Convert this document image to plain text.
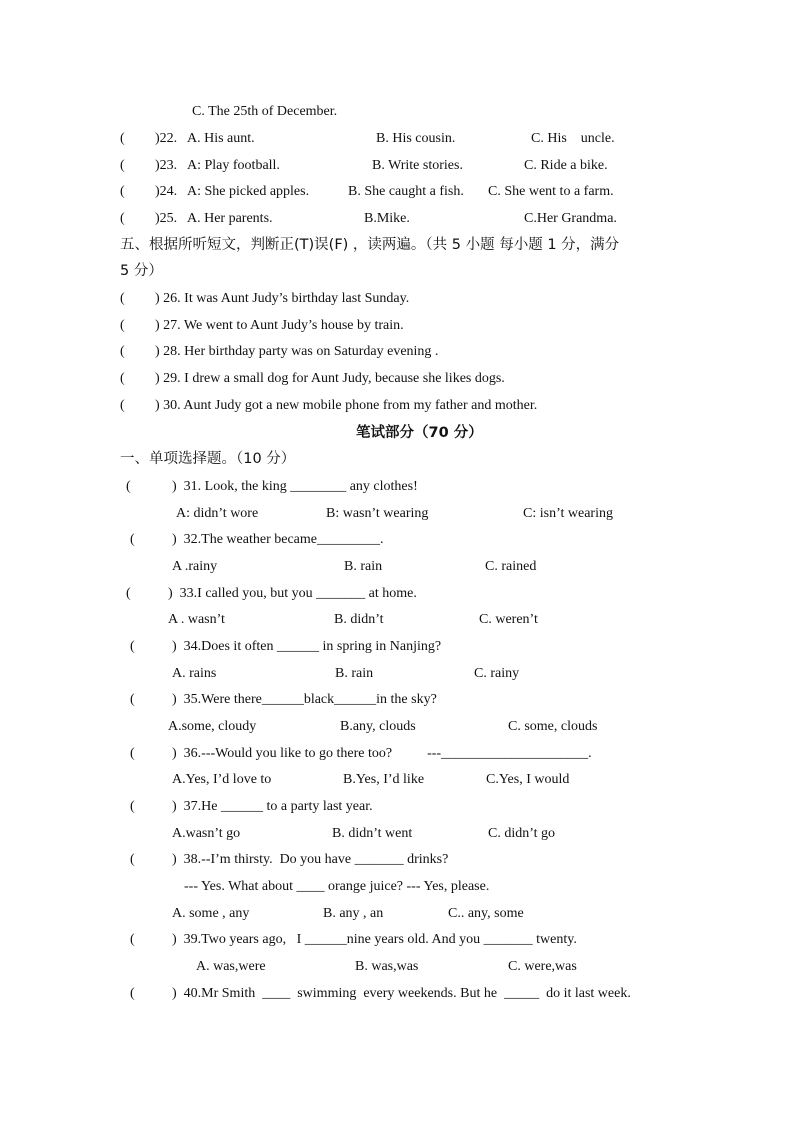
C. The 25th of December.
( )22. A. His aunt.	B. His cousin.	C. His    uncle.
( )23. A: Play football.	B. Write stories.	C. Ride a bike.
( )24. A: She picked apples.	B. She caught a fish. C. She went to a farm.
( )25. A. Her parents.	B.Mike.	C.Her Grandma.
五、根据所听短文，判断正(T)误(F) ，读两遍。（共 5 小题 每小题 1 分，满分
5 分）
( ) 26. It was Aunt Judy’s birthday last Sunday.
( ) 27. We went to Aunt Judy’s house by train.
( ) 28. Her birthday party was on Saturday evening .
( ) 29. I drew a small dog for Aunt Judy, because she likes dogs.
( ) 30. Aunt Judy got a new mobile phone from my father and mother.
笔试部分（70 分）
一、单项选择题。（10 分）
(	)  31. Look, the king ________ any clothes!
A: didn’t wore	B: wasn’t wearing	C: isn’t wearing
(	)  32.The weather became_________.
A .rainy	B. rain	C. rained
(	)  33.I called you, but you _______ at home.
A . wasn’t	B. didn’t	C. weren’t
(	)  34.Does it often ______ in spring in Nanjing?
A. rains	B. rain	C. rainy
(	)  35.Were there______black______in the sky?
A.some, cloudy	B.any, clouds	C. some, clouds
(	)  36.---Would you like to go there too?          ---_____________________.
A.Yes, I’d love to	B.Yes, I’d like	C.Yes, I would
(	)  37.He ______ to a party last year.
A.wasn’t go	B. didn’t went	C. didn’t go
(	)  38.--I’m thirsty.  Do you have _______ drinks?
--- Yes. What about ____ orange juice? --- Yes, please.
A. some , any	B. any , an	C.. any, some
(	)  39.Two years ago,   I ______nine years old. And you _______ twenty.
A. was,were	B. was,was	C. were,was
(	)  40.Mr Smith  ____  swimming  every weekends. But he  _____  do it last week.
